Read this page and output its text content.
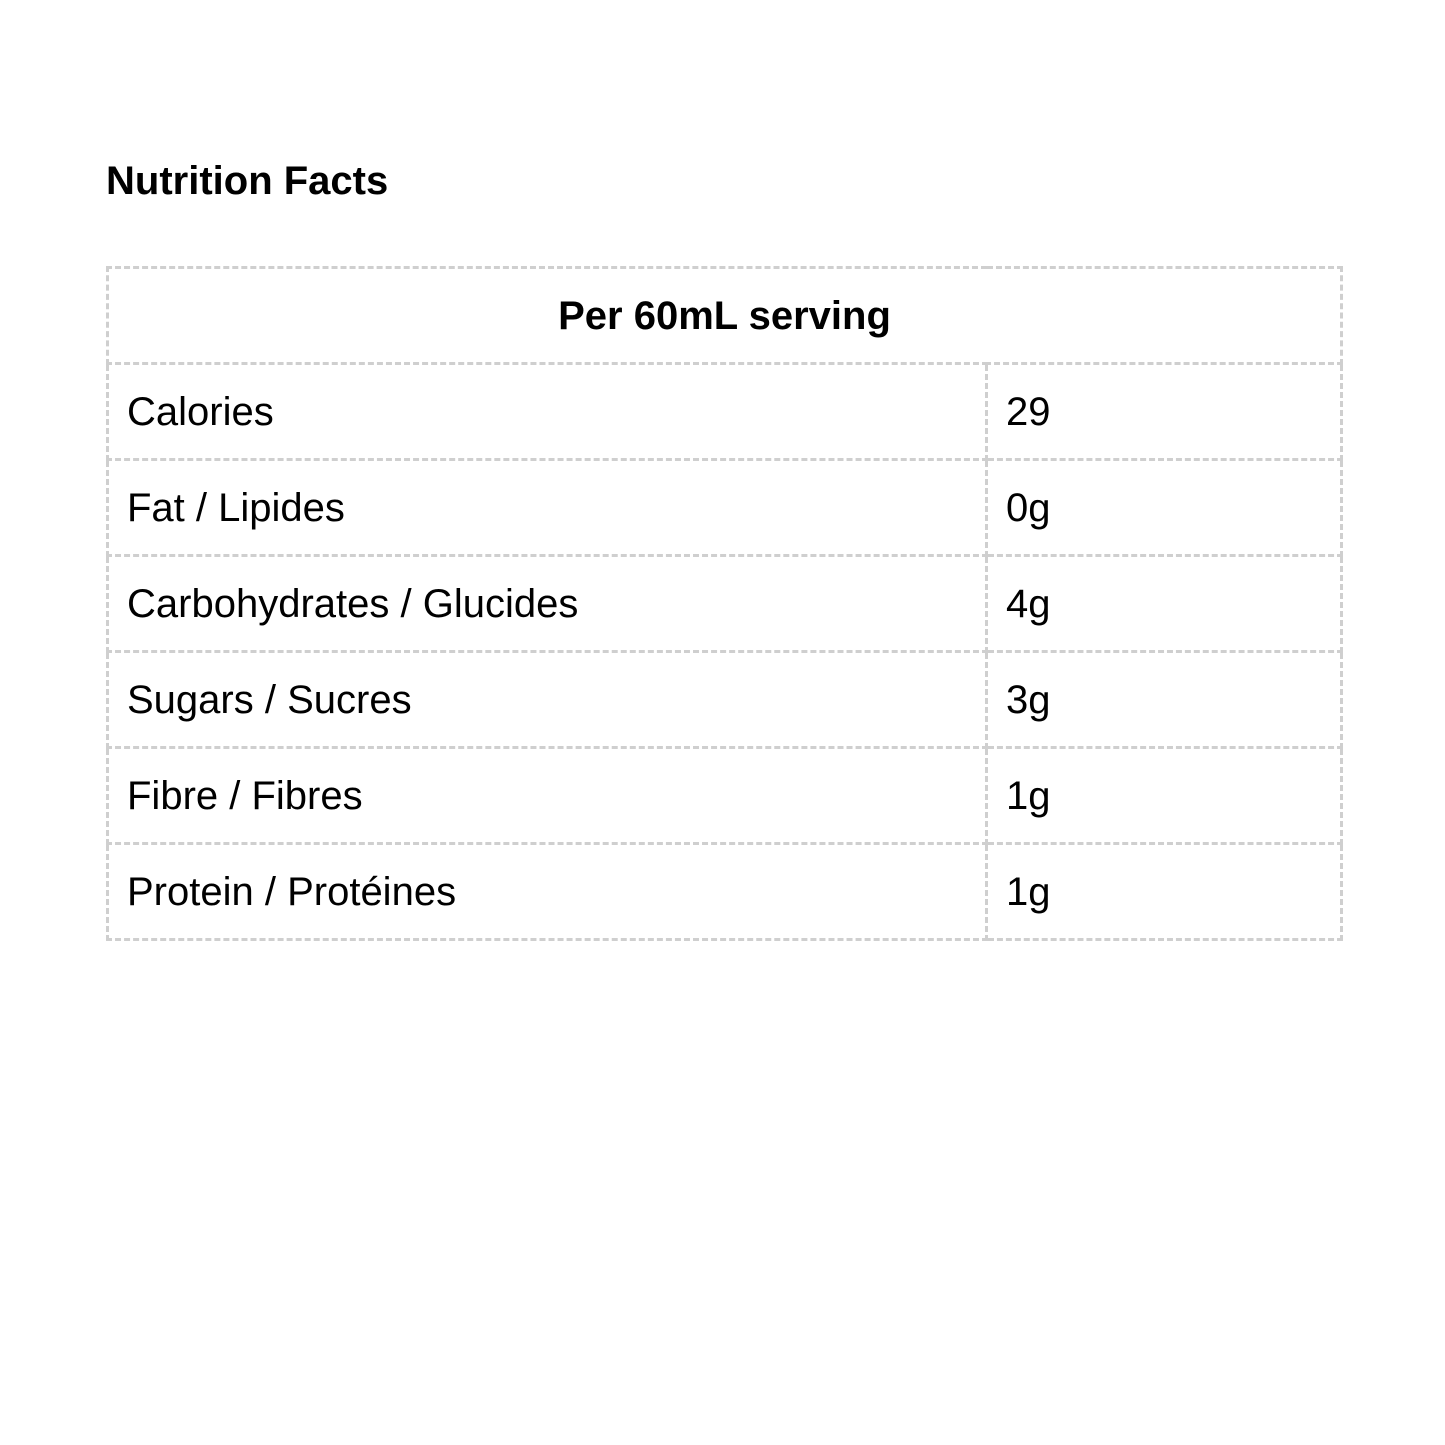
Nutrition Facts
Per 60mL serving	
Calories	29
Fat / Lipides	0g
Carbohydrates / Glucides	4g
Sugars / Sucres	3g
Fibre / Fibres	1g
Protein / Protéines	1g
